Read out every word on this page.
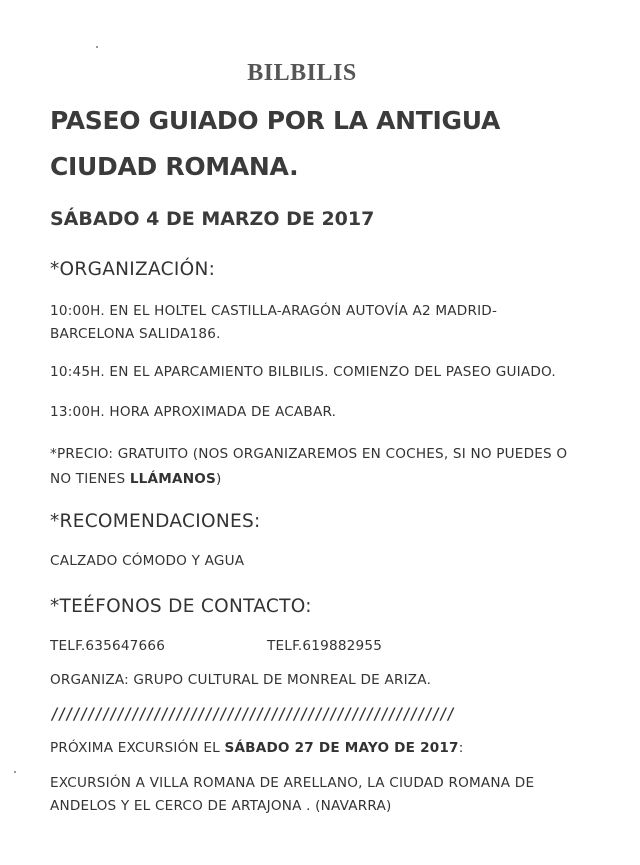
BILBILIS
PASEO GUIADO POR LA ANTIGUA
CIUDAD ROMANA.
SÁBADO 4 DE MARZO DE 2017
*ORGANIZACIÓN:
10:00H. EN EL HOLTEL CASTILLA-ARAGÓN AUTOVÍA A2 MADRID-
BARCELONA SALIDA186.
10:45H. EN EL APARCAMIENTO BILBILIS. COMIENZO DEL PASEO GUIADO.
13:00H. HORA APROXIMADA DE ACABAR.
*PRECIO: GRATUITO (NOS ORGANIZAREMOS EN COCHES, SI NO PUEDES O
NO TIENES LLÁMANOS)
*RECOMENDACIONES:
CALZADO CÓMODO Y AGUA
*TEÉFONOS DE CONTACTO:
TELF.635647666	TELF.619882955
ORGANIZA: GRUPO CULTURAL DE MONREAL DE ARIZA.
///////////////////////////////////////////////////////
PRÓXIMA EXCURSIÓN EL SÁBADO 27 DE MAYO DE 2017:
EXCURSIÓN A VILLA ROMANA DE ARELLANO, LA CIUDAD ROMANA DE
ANDELOS Y EL CERCO DE ARTAJONA . (NAVARRA)
